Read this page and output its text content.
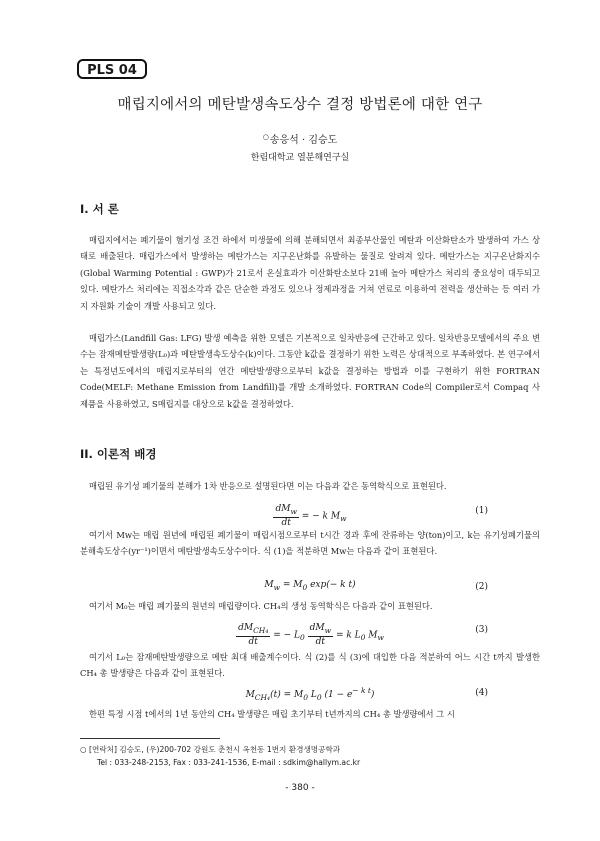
PLS 04
매립지에서의 메탄발생속도상수 결정 방법론에 대한 연구
○송응석 · 김승도
한림대학교 열분해연구실
I. 서 론

매립지에서는 폐기물이 혐기성 조건 하에서 미생물에 의해 분해되면서 최종부산물인 메탄과 이산화탄소가 발생하여 가스 상태로 배출된다. 매립가스에서 발생하는 메탄가스는 지구온난화를 유발하는 물질로 알려져 있다. 메탄가스는 지구온난화지수(Global Warming Potential : GWP)가 21로서 온실효과가 이산화탄소보다 21배 높아 메탄가스 처리의 중요성이 대두되고 있다. 메탄가스 처리에는 직접소각과 같은 단순한 과정도 있으나 정제과정을 거쳐 연료로 이용하여 전력을 생산하는 등 여러 가지 자원화 기술이 개발 사용되고 있다.

매립가스(Landfill Gas: LFG) 발생 예측을 위한 모델은 기본적으로 일차반응에 근간하고 있다. 일차반응모델에서의 주요 변수는 잠재메탄발생량(L₀)과 메탄발생속도상수(k)이다. 그동안 k값을 결정하기 위한 노력은 상대적으로 부족하였다. 본 연구에서는 특정년도에서의 매립지로부터의 연간 메탄발생량으로부터 k값을 결정하는 방법과 이를 구현하기 위한 FORTRAN Code(MELF: Methane Emission from Landfill)를 개발 소개하였다. FORTRAN Code의 Compiler로서 Compaq 사 제품을 사용하였고, S매립지를 대상으로 k값을 결정하였다.

II. 이론적 배경

매립된 유기성 폐기물의 분해가 1차 반응으로 설명된다면 이는 다음과 같은 동역학식으로 표현된다.

$\frac{dM_w}{dt}$ = − k $M_w$
(1)

여기서 Mw는 매립 원년에 매립된 폐기물이 매립시점으로부터 t시간 경과 후에 잔류하는 양(ton)이고, k는 유기성폐기물의 분해속도상수(yr⁻¹)이면서 메탄발생속도상수이다. 식 (1)을 적분하면 Mw는 다음과 같이 표현된다.

$M_w = M_0$ exp(− k t)	(2)

여기서 M₀는 매립 폐기물의 원년의 매립량이다. CH₄의 생성 동역학식은 다음과 같이 표현된다.

$\frac{dM_{CH_4}}{dt}$ = − $L_0 \frac{dM_w}{dt} = k$ $L_0$ $M_w$
(3)

여기서 L₀는 잠재메탄발생량으로 메탄 최대 배출계수이다. 식 (2)를 식 (3)에 대입한 다음 적분하여 어느 시간 t까지 발생한 CH₄ 총 발생량은 다음과 같이 표현된다.

$M_{CH_4}(t) = M_0$ $L_0$ $(1 - e^{- k t})$	(4)

한편 특정 시점 t에서의 1년 동안의 CH₄ 발생량은 매립 초기부터 t년까지의 CH₄ 총 발생량에서 그 시

○ [연락처] 김승도, (우)200-702 강원도 춘천시 옥천동 1번지 환경생명공학과
Tel : 033-248-2153, Fax : 033-241-1536, E-mail : sdkim@hallym.ac.kr
- 380 -
